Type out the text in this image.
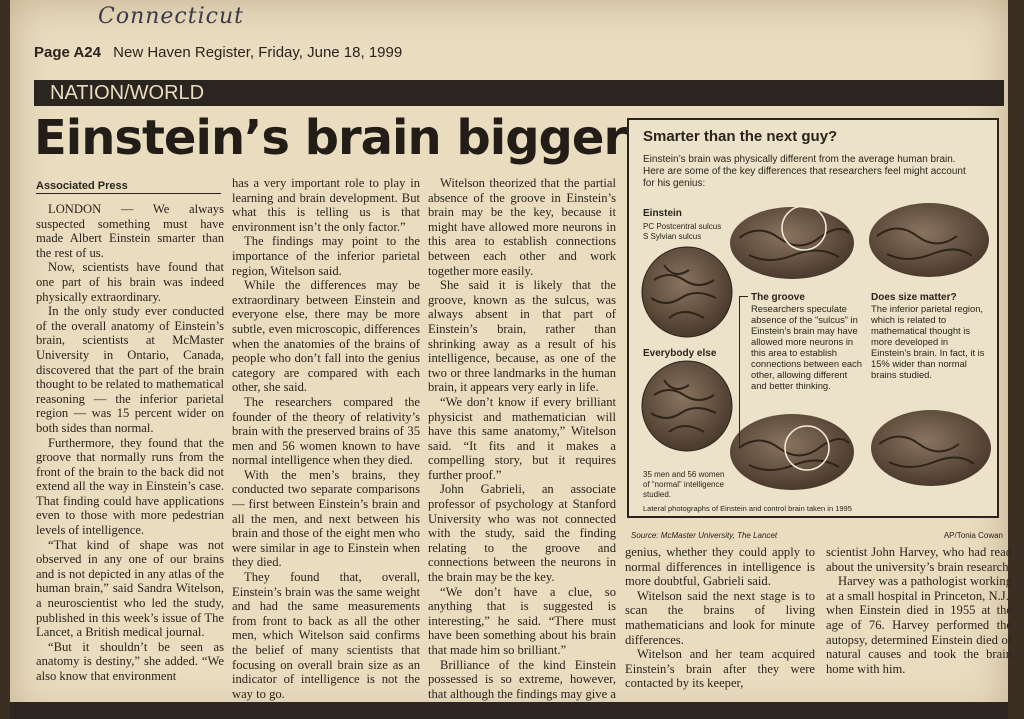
Connecticut
Page A24 New Haven Register, Friday, June 18, 1999
NATION/WORLD
Einstein’s brain bigger
Associated Press

LONDON — We always suspected something must have made Albert Einstein smarter than the rest of us.

Now, scientists have found that one part of his brain was indeed physically extraordinary.

In the only study ever conducted of the overall anatomy of Einstein’s brain, scientists at McMaster University in Ontario, Canada, discovered that the part of the brain thought to be related to mathematical reasoning — the inferior parietal region — was 15 percent wider on both sides than normal.

Furthermore, they found that the groove that normally runs from the front of the brain to the back did not extend all the way in Einstein’s case. That finding could have applications even to those with more pedestrian levels of intelligence.

“That kind of shape was not observed in any one of our brains and is not depicted in any atlas of the human brain,” said Sandra Witelson, a neuroscientist who led the study, published in this week’s issue of The Lancet, a British medical journal.

“But it shouldn’t be seen as anatomy is destiny,” she added. “We also know that environment

has a very important role to play in learning and brain development. But what this is telling us is that environment isn’t the only factor.”

The findings may point to the importance of the inferior parietal region, Witelson said.

While the differences may be extraordinary between Einstein and everyone else, there may be more subtle, even microscopic, differences when the anatomies of the brains of people who don’t fall into the genius category are compared with each other, she said.

The researchers compared the founder of the theory of relativity’s brain with the preserved brains of 35 men and 56 women known to have normal intelligence when they died.

With the men’s brains, they conducted two separate comparisons — first between Einstein’s brain and all the men, and next between his brain and those of the eight men who were similar in age to Einstein when they died.

They found that, overall, Einstein’s brain was the same weight and had the same measurements from front to back as all the other men, which Witelson said confirms the belief of many scientists that focusing on overall brain size as an indicator of intelligence is not the way to go.

Witelson theorized that the partial absence of the groove in Einstein’s brain may be the key, because it might have allowed more neurons in this area to establish connections between each other and work together more easily.

She said it is likely that the groove, known as the sulcus, was always absent in that part of Einstein’s brain, rather than shrinking away as a result of his intelligence, because, as one of the two or three landmarks in the human brain, it appears very early in life.

“We don’t know if every brilliant physicist and mathematician will have this same anatomy,” Witelson said. “It fits and it makes a compelling story, but it requires further proof.”

John Gabrieli, an associate professor of psychology at Stanford University who was not connected with the study, said the finding relating to the groove and connections between the neurons in the brain may be the key.

“We don’t have a clue, so anything that is suggested is interesting,” he said. “There must have been something about his brain that made him so brilliant.”

Brilliance of the kind Einstein possessed is so extreme, however, that although the findings may give a

Smarter than the next guy?
Einstein’s brain was physically different from the average human brain. Here are some of the key differences that researchers feel might account for his genius:
Einstein
PC Postcentral sulcus
S Sylvian sulcus
Everybody else
The groove
Researchers speculate absence of the “sulcus” in Einstein’s brain may have allowed more neurons in this area to establish connections between each other, allowing different and better thinking.
Does size matter?
The inferior parietal region, which is related to mathematical thought is more developed in Einstein’s brain. In fact, it is 15% wider than normal brains studied.
35 men and 56 women of “normal” intelligence studied.
Lateral photographs of Einstein and control brain taken in 1995
Source: McMaster University, The Lancet	AP/Tonia Cowan

genius, whether they could apply to normal differences in intelligence is more doubtful, Gabrieli said.

Witelson said the next stage is to scan the brains of living mathematicians and look for minute differences.

Witelson and her team acquired Einstein’s brain after they were contacted by its keeper,

scientist John Harvey, who had read about the university’s brain research.

Harvey was a pathologist working at a small hospital in Princeton, N.J., when Einstein died in 1955 at the age of 76. Harvey performed the autopsy, determined Einstein died of natural causes and took the brain home with him.
